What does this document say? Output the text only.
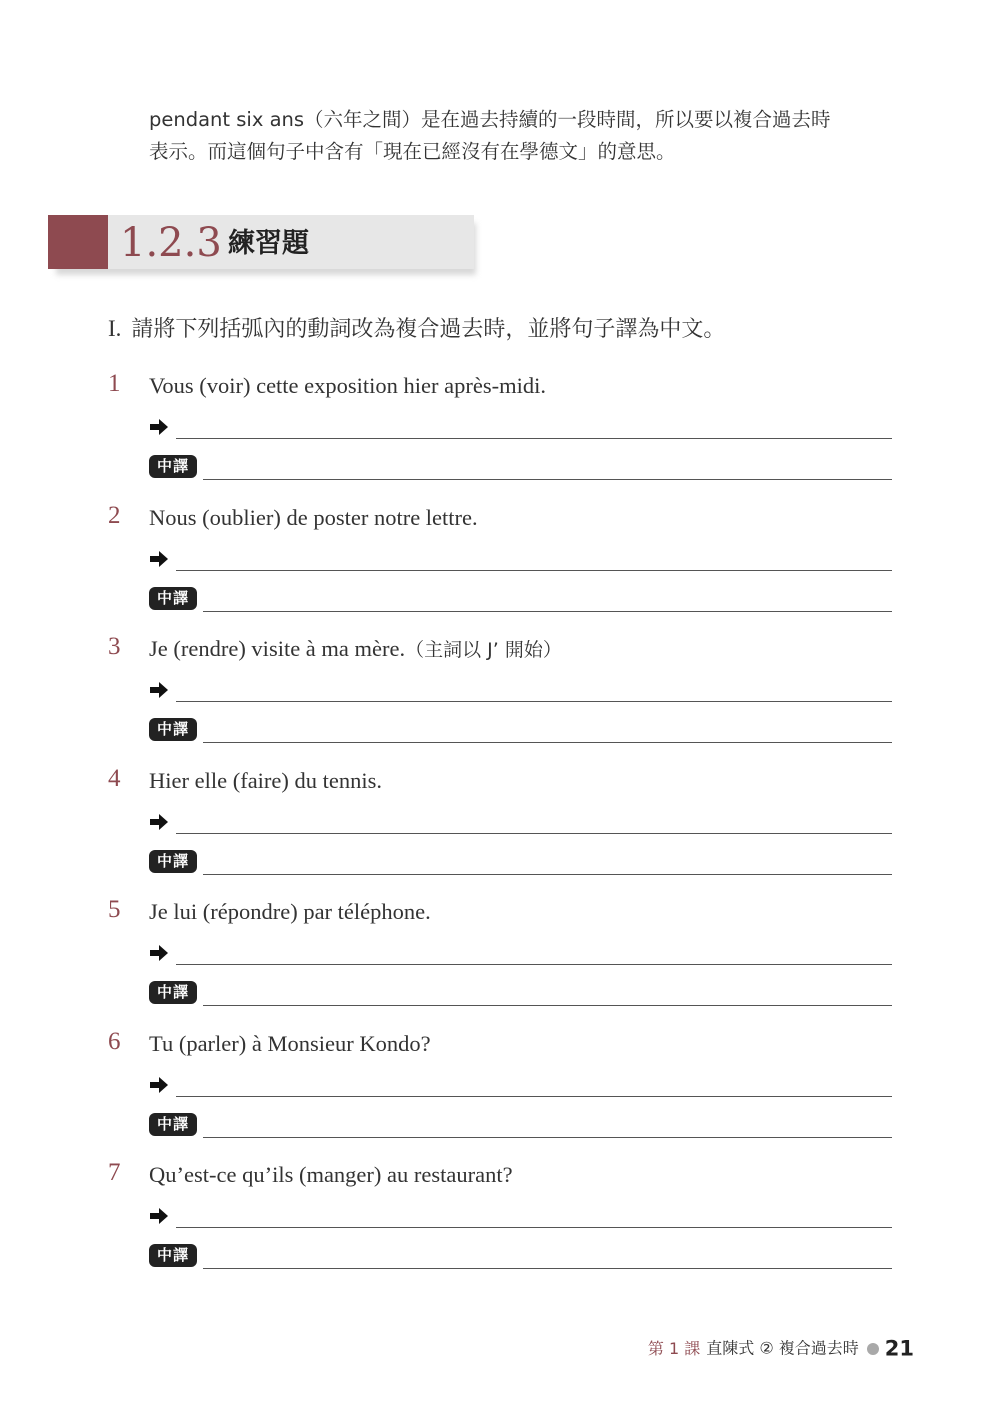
pendant six ans（六年之間）是在過去持續的一段時間，所以要以複合過去時

表示。而這個句子中含有「現在已經沒有在學德文」的意思。

1.2.3 練習題
I. 請將下列括弧內的動詞改為複合過去時，並將句子譯為中文。
1 Vous (voir) cette exposition hier après-midi.
中譯
2 Nous (oublier) de poster notre lettre.
中譯
3 Je (rendre) visite à ma mère.（主詞以 J’ 開始）
中譯
4 Hier elle (faire) du tennis.
中譯
5 Je lui (répondre) par téléphone.
中譯
6 Tu (parler) à Monsieur Kondo?
中譯
7 Qu’est-ce qu’ils (manger) au restaurant?
中譯
第 1 課 直陳式 ② 複合過去時 21
